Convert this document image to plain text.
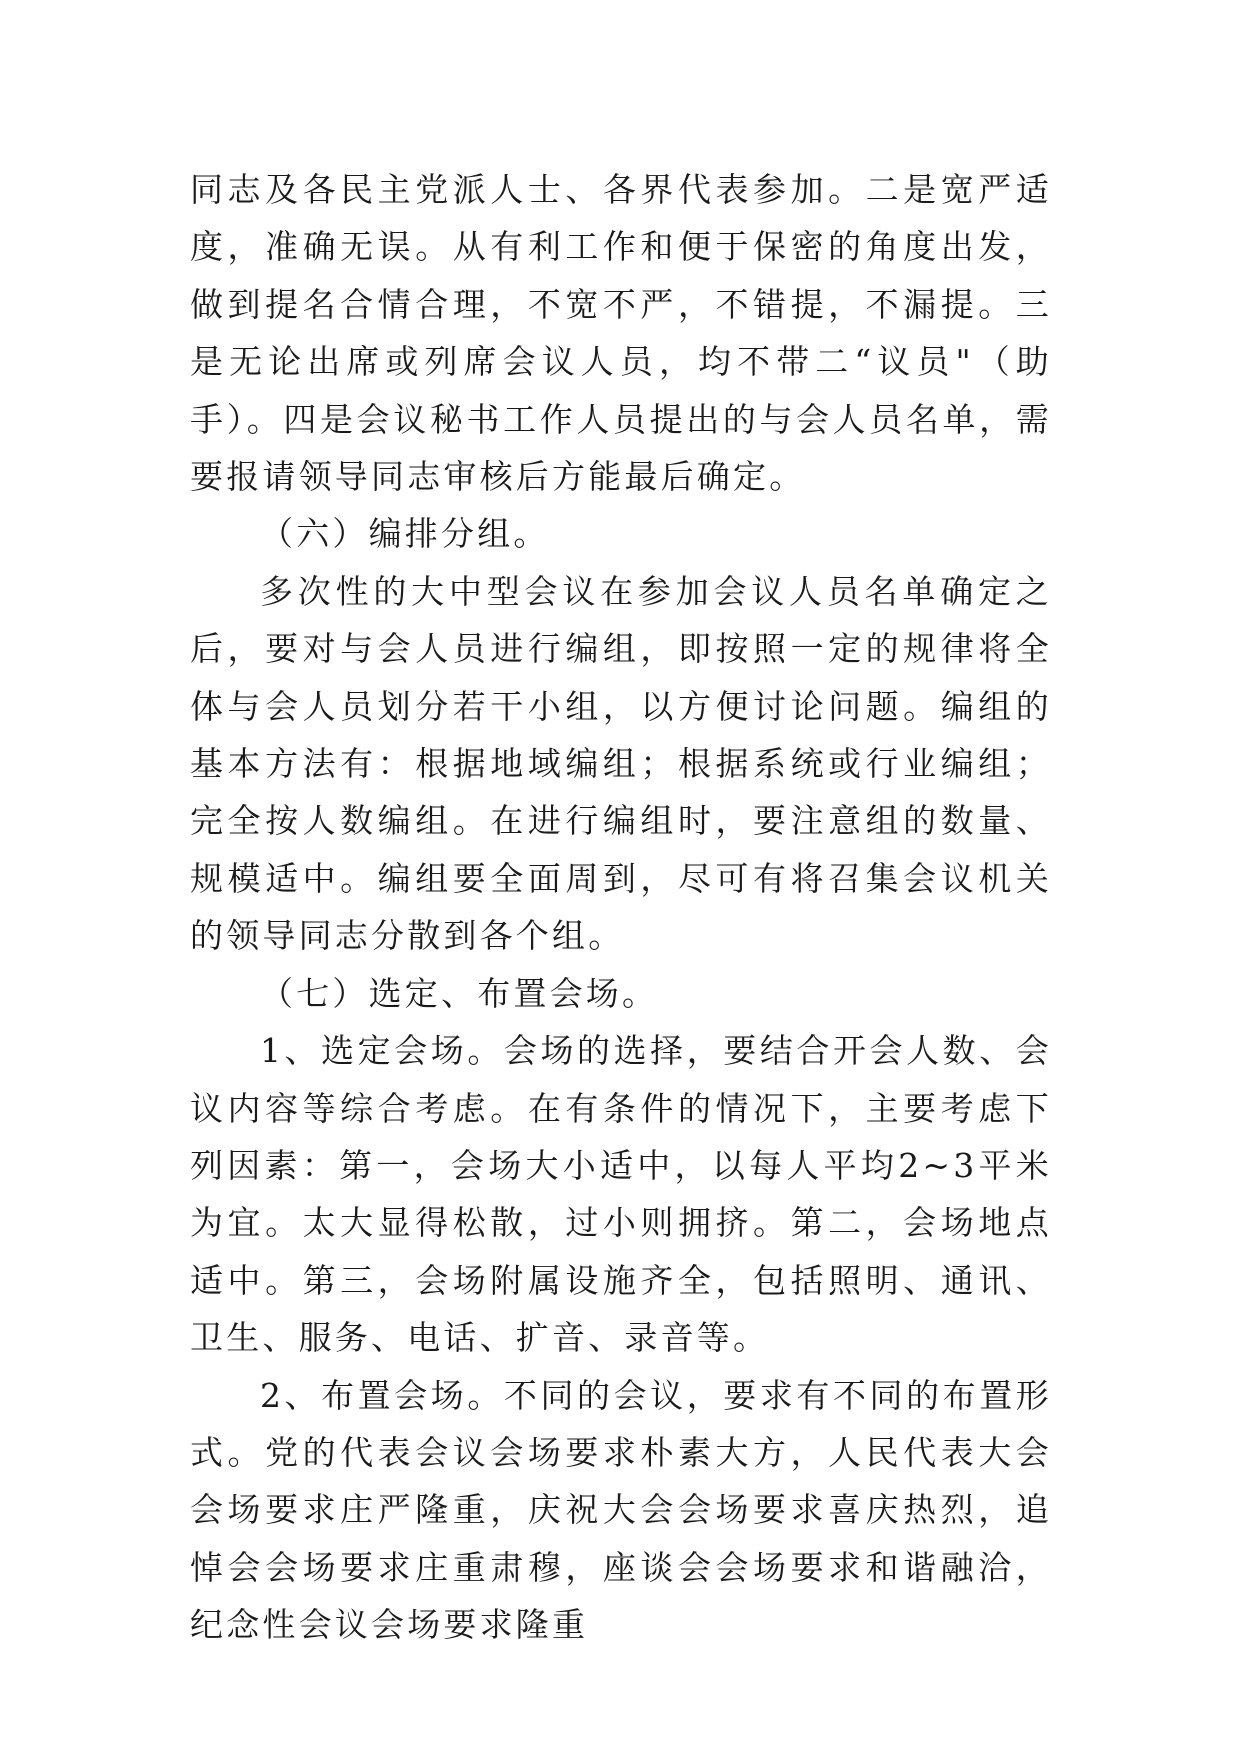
同志及各民主党派人士、各界代表参加。二是宽严适度，准确无误。从有利工作和便于保密的角度出发，做到提名合情合理，不宽不严，不错提，不漏提。三是无论出席或列席会议人员，均不带二“议员"（助手）。四是会议秘书工作人员提出的与会人员名单，需要报请领导同志审核后方能最后确定。

（六）编排分组。

多次性的大中型会议在参加会议人员名单确定之后，要对与会人员进行编组，即按照一定的规律将全体与会人员划分若干小组，以方便讨论问题。编组的基本方法有：根据地域编组；根据系统或行业编组；完全按人数编组。在进行编组时，要注意组的数量、规模适中。编组要全面周到，尽可有将召集会议机关的领导同志分散到各个组。

（七）选定、布置会场。

1、选定会场。会场的选择，要结合开会人数、会议内容等综合考虑。在有条件的情况下，主要考虑下列因素：第一，会场大小适中，以每人平均2~3平米为宜。太大显得松散，过小则拥挤。第二，会场地点适中。第三，会场附属设施齐全，包括照明、通讯、卫生、服务、电话、扩音、录音等。

2、布置会场。不同的会议，要求有不同的布置形式。党的代表会议会场要求朴素大方，人民代表大会会场要求庄严隆重，庆祝大会会场要求喜庆热烈，追悼会会场要求庄重肃穆，座谈会会场要求和谐融洽，纪念性会议会场要求隆重
